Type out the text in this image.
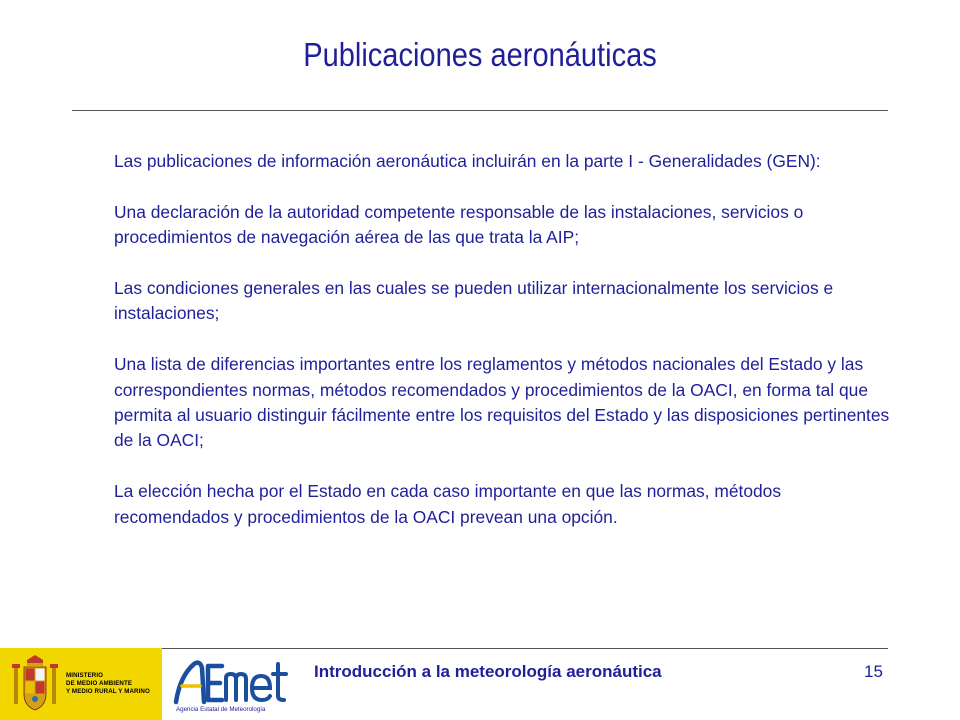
Publicaciones aeronáuticas

Las publicaciones de información aeronáutica incluirán en la parte I - Generalidades (GEN):

Una declaración de la autoridad competente responsable de las instalaciones, servicios o procedimientos de navegación aérea de las que trata la AIP;

Las condiciones generales en las cuales se pueden utilizar internacionalmente los servicios e instalaciones;

Una lista de diferencias importantes entre los reglamentos y métodos nacionales del Estado y las correspondientes normas, métodos recomendados y procedimientos de la OACI, en forma tal que permita al usuario distinguir fácilmente entre los requisitos del Estado y las disposiciones pertinentes de la OACI;

La elección hecha por el Estado en cada caso importante en que las normas, métodos recomendados y procedimientos de la OACI prevean una opción.

MINISTERIO
DE MEDIO AMBIENTE
Y MEDIO RURAL Y MARINO
Agencia Estatal de Meteorología
Introducción a la meteorología aeronáutica	15
